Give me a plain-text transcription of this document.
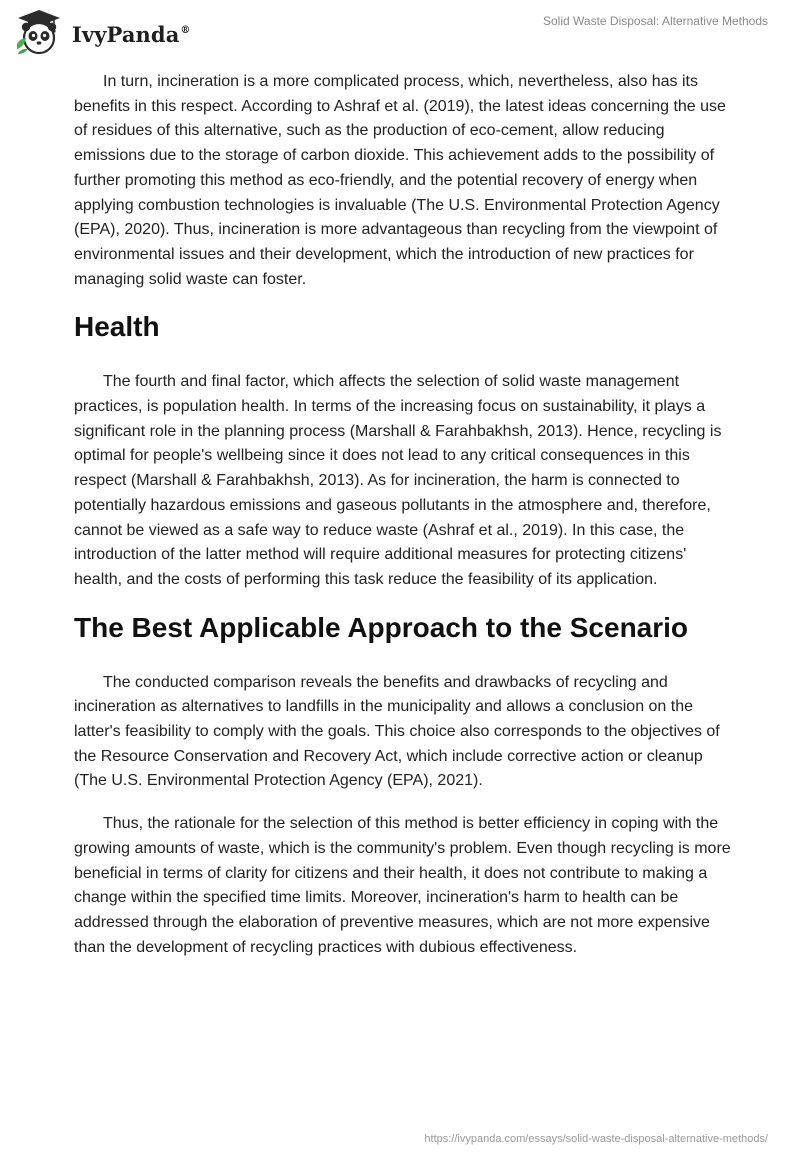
IvyPanda®
Solid Waste Disposal: Alternative Methods

In turn, incineration is a more complicated process, which, nevertheless, also has its benefits in this respect. According to Ashraf et al. (2019), the latest ideas concerning the use of residues of this alternative, such as the production of eco-cement, allow reducing emissions due to the storage of carbon dioxide. This achievement adds to the possibility of further promoting this method as eco-friendly, and the potential recovery of energy when applying combustion technologies is invaluable (The U.S. Environmental Protection Agency (EPA), 2020). Thus, incineration is more advantageous than recycling from the viewpoint of environmental issues and their development, which the introduction of new practices for managing solid waste can foster.

Health

The fourth and final factor, which affects the selection of solid waste management practices, is population health. In terms of the increasing focus on sustainability, it plays a significant role in the planning process (Marshall & Farahbakhsh, 2013). Hence, recycling is optimal for people's wellbeing since it does not lead to any critical consequences in this respect (Marshall & Farahbakhsh, 2013). As for incineration, the harm is connected to potentially hazardous emissions and gaseous pollutants in the atmosphere and, therefore, cannot be viewed as a safe way to reduce waste (Ashraf et al., 2019). In this case, the introduction of the latter method will require additional measures for protecting citizens' health, and the costs of performing this task reduce the feasibility of its application.

The Best Applicable Approach to the Scenario

The conducted comparison reveals the benefits and drawbacks of recycling and incineration as alternatives to landfills in the municipality and allows a conclusion on the latter's feasibility to comply with the goals. This choice also corresponds to the objectives of the Resource Conservation and Recovery Act, which include corrective action or cleanup (The U.S. Environmental Protection Agency (EPA), 2021).

Thus, the rationale for the selection of this method is better efficiency in coping with the growing amounts of waste, which is the community's problem. Even though recycling is more beneficial in terms of clarity for citizens and their health, it does not contribute to making a change within the specified time limits. Moreover, incineration's harm to health can be addressed through the elaboration of preventive measures, which are not more expensive than the development of recycling practices with dubious effectiveness.

https://ivypanda.com/essays/solid-waste-disposal-alternative-methods/
